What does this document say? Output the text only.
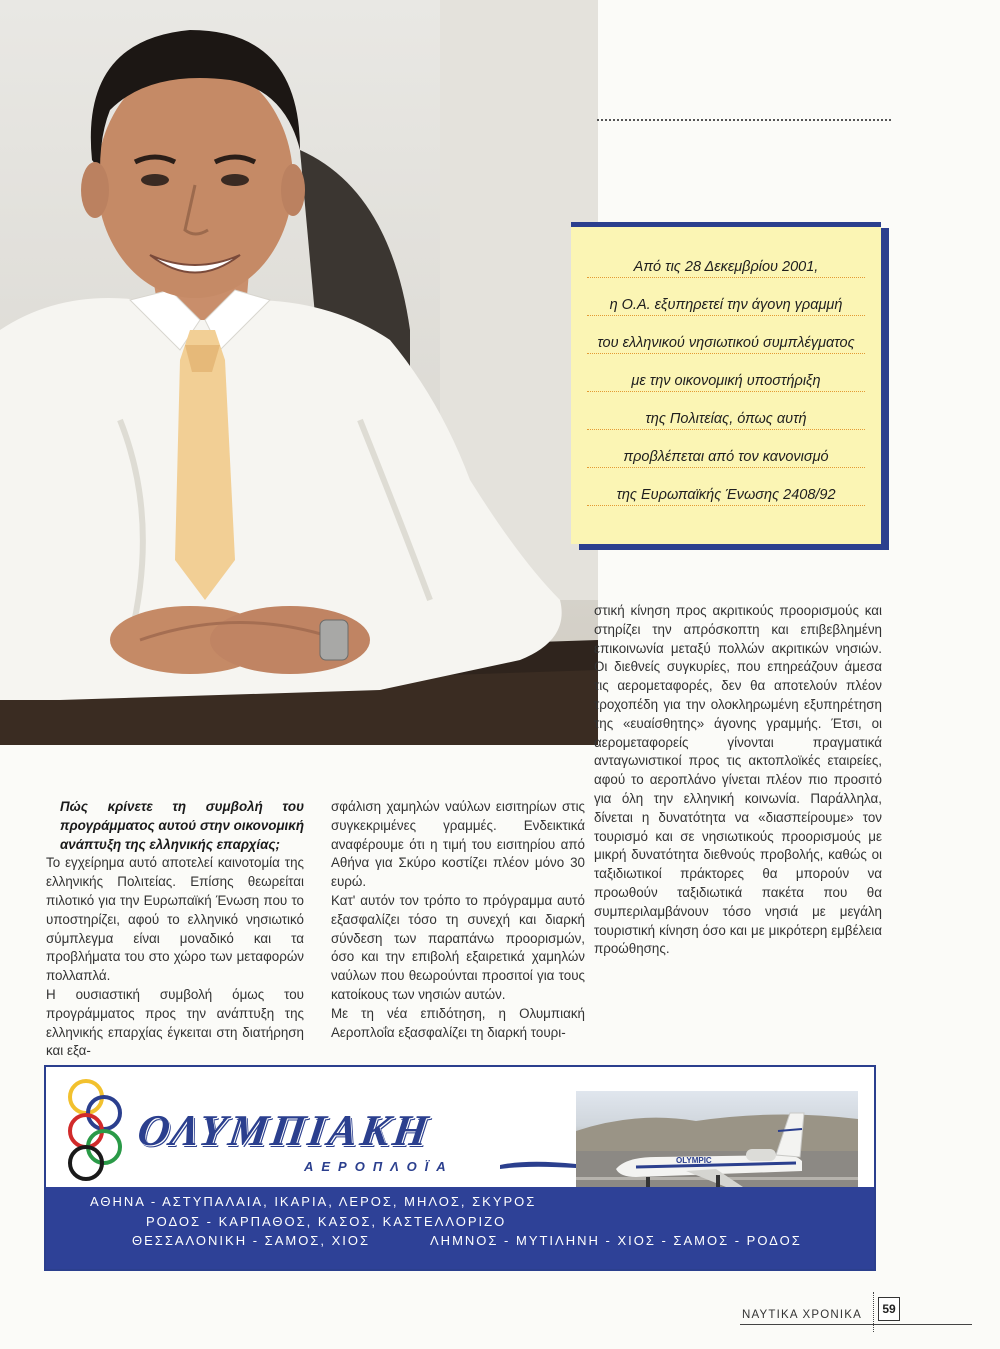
Από τις 28 Δεκεμβρίου 2001,
η Ο.Α. εξυπηρετεί την άγονη γραμμή
του ελληνικού νησιωτικού συμπλέγματος
με την οικονομική υποστήριξη
της Πολιτείας, όπως αυτή
προβλέπεται από τον κανονισμό
της Ευρωπαϊκής Ένωσης 2408/92

Πώς κρίνετε τη συμβολή του προγράμματος αυτού στην οικονομική ανάπτυξη της ελληνικής επαρχίας;

Το εγχείρημα αυτό αποτελεί καινοτομία της ελληνικής Πολιτείας. Επίσης θεωρείται πιλοτικό για την Ευρωπαϊκή Ένωση που το υποστηρίζει, αφού το ελληνικό νησιωτικό σύμπλεγμα είναι μοναδικό και τα προβλήματα του στο χώρο των μεταφορών πολλαπλά.

Η ουσιαστική συμβολή όμως του προγράμματος προς την ανάπτυξη της ελληνικής επαρχίας έγκειται στη διατήρηση και εξα-

σφάλιση χαμηλών ναύλων εισιτηρίων στις συγκεκριμένες γραμμές. Ενδεικτικά αναφέρουμε ότι η τιμή του εισιτηρίου από Αθήνα για Σκύρο κοστίζει πλέον μόνο 30 ευρώ.

Κατ' αυτόν τον τρόπο το πρόγραμμα αυτό εξασφαλίζει τόσο τη συνεχή και διαρκή σύνδεση των παραπάνω προορισμών, όσο και την επιβολή εξαιρετικά χαμηλών ναύλων που θεωρούνται προσιτοί για τους κατοίκους των νησιών αυτών.

Με τη νέα επιδότηση, η Ολυμπιακή Αεροπλοΐα εξασφαλίζει τη διαρκή τουρι-

στική κίνηση προς ακριτικούς προορισμούς και στηρίζει την απρόσκοπτη και επιβεβλημένη επικοινωνία μεταξύ πολλών ακριτικών νησιών. Οι διεθνείς συγκυρίες, που επηρεάζουν άμεσα τις αερομεταφορές, δεν θα αποτελούν πλέον τροχοπέδη για την ολοκληρωμένη εξυπηρέτηση της «ευαίσθητης» άγονης γραμμής. Έτσι, οι αερομεταφορείς γίνονται πραγματικά ανταγωνιστικοί προς τις ακτοπλοϊκές εταιρείες, αφού το αεροπλάνο γίνεται πλέον πιο προσιτό για όλη την ελληνική κοινωνία. Παράλληλα, δίνεται η δυνατότητα να «διασπείρουμε» τον τουρισμό και σε νησιωτικούς προορισμούς με μικρή δυνατότητα διεθνούς προβολής, καθώς οι ταξιδιωτικοί πράκτορες θα μπορούν να προωθούν ταξιδιωτικά πακέτα που θα συμπεριλαμβάνουν τόσο νησιά με μεγάλη τουριστική κίνηση όσο και με μικρότερη εμβέλεια προώθησης.

ΟΛΥΜΠΙΑΚΗ
ΑΕΡΟΠΛΟΪΑ	OLYMPIC
ΑΘΗΝΑ - ΑΣΤΥΠΑΛΑΙΑ, ΙΚΑΡΙΑ, ΛΕΡΟΣ, ΜΗΛΟΣ, ΣΚΥΡΟΣ
ΡΟΔΟΣ - ΚΑΡΠΑΘΟΣ, ΚΑΣΟΣ, ΚΑΣΤΕΛΛΟΡΙΖΟ
ΘΕΣΣΑΛΟΝΙΚΗ - ΣΑΜΟΣ, ΧΙΟΣ	ΛΗΜΝΟΣ - ΜΥΤΙΛΗΝΗ - ΧΙΟΣ - ΣΑΜΟΣ - ΡΟΔΟΣ
ΝΑΥΤΙΚΑ ΧΡΟΝΙΚΑ	59
